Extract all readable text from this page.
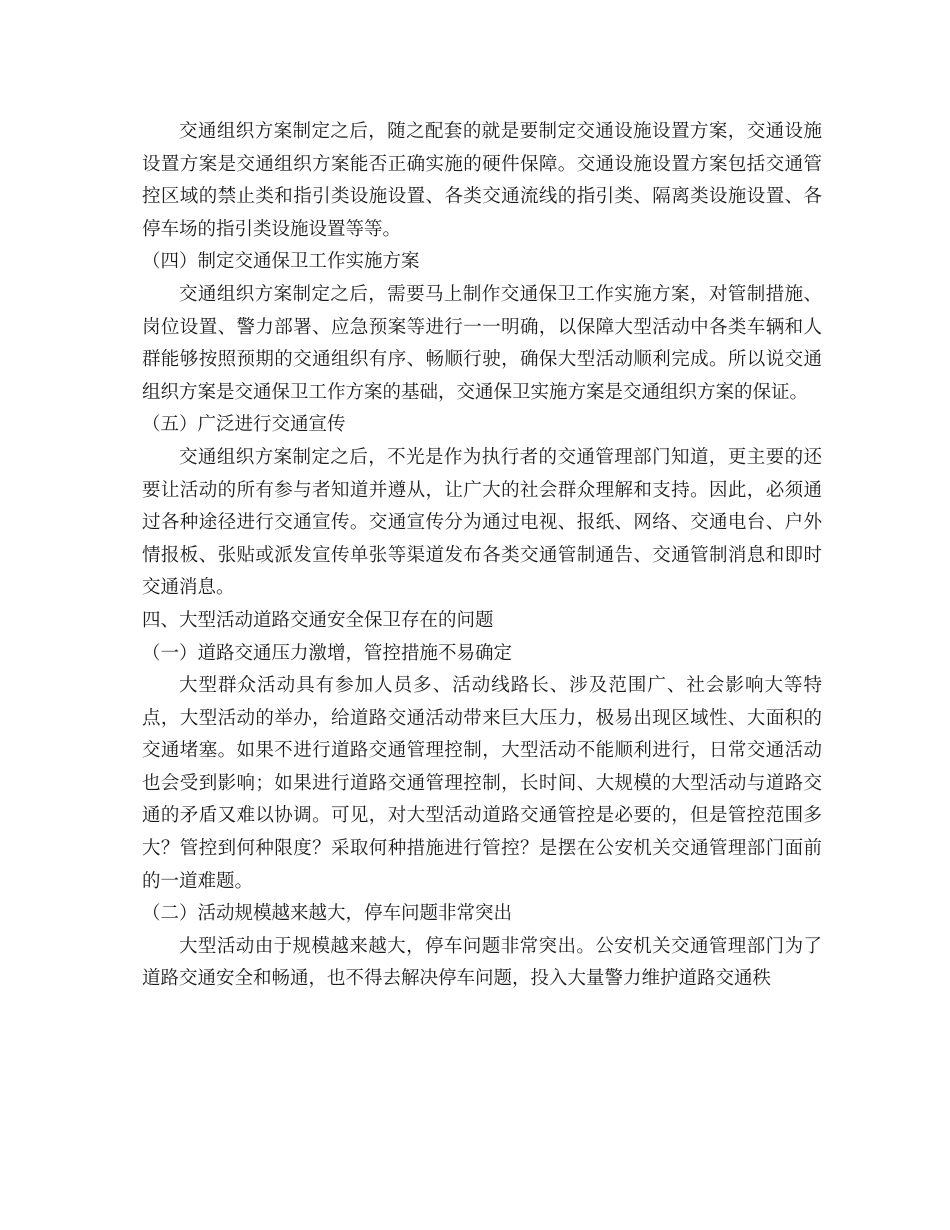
交通组织方案制定之后，随之配套的就是要制定交通设施设置方案，交通设施设置方案是交通组织方案能否正确实施的硬件保障。交通设施设置方案包括交通管控区域的禁止类和指引类设施设置、各类交通流线的指引类、隔离类设施设置、各停车场的指引类设施设置等等。

（四）制定交通保卫工作实施方案

交通组织方案制定之后，需要马上制作交通保卫工作实施方案，对管制措施、岗位设置、警力部署、应急预案等进行一一明确，以保障大型活动中各类车辆和人群能够按照预期的交通组织有序、畅顺行驶，确保大型活动顺利完成。所以说交通组织方案是交通保卫工作方案的基础，交通保卫实施方案是交通组织方案的保证。

（五）广泛进行交通宣传

交通组织方案制定之后，不光是作为执行者的交通管理部门知道，更主要的还要让活动的所有参与者知道并遵从，让广大的社会群众理解和支持。因此，必须通过各种途径进行交通宣传。交通宣传分为通过电视、报纸、网络、交通电台、户外情报板、张贴或派发宣传单张等渠道发布各类交通管制通告、交通管制消息和即时交通消息。

四、大型活动道路交通安全保卫存在的问题

（一）道路交通压力激增，管控措施不易确定

大型群众活动具有参加人员多、活动线路长、涉及范围广、社会影响大等特点，大型活动的举办，给道路交通活动带来巨大压力，极易出现区域性、大面积的交通堵塞。如果不进行道路交通管理控制，大型活动不能顺利进行，日常交通活动也会受到影响；如果进行道路交通管理控制，长时间、大规模的大型活动与道路交通的矛盾又难以协调。可见，对大型活动道路交通管控是必要的，但是管控范围多大？管控到何种限度？采取何种措施进行管控？是摆在公安机关交通管理部门面前的一道难题。

（二）活动规模越来越大，停车问题非常突出

大型活动由于规模越来越大，停车问题非常突出。公安机关交通管理部门为了道路交通安全和畅通，也不得去解决停车问题，投入大量警力维护道路交通秩
